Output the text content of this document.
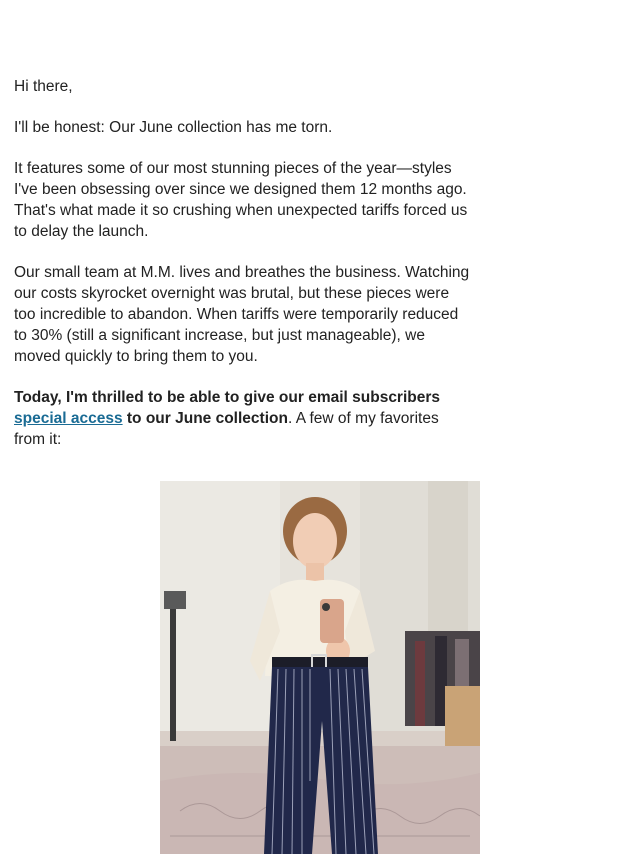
Hi there,

I'll be honest: Our June collection has me torn.

It features some of our most stunning pieces of the year—styles I've been obsessing over since we designed them 12 months ago. That's what made it so crushing when unexpected tariffs forced us to delay the launch.

Our small team at M.M. lives and breathes the business. Watching our costs skyrocket overnight was brutal, but these pieces were too incredible to abandon. When tariffs were temporarily reduced to 30% (still a significant increase, but just manageable), we moved quickly to bring them to you.

Today, I'm thrilled to be able to give our email subscribers special access to our June collection. A few of my favorites from it:
